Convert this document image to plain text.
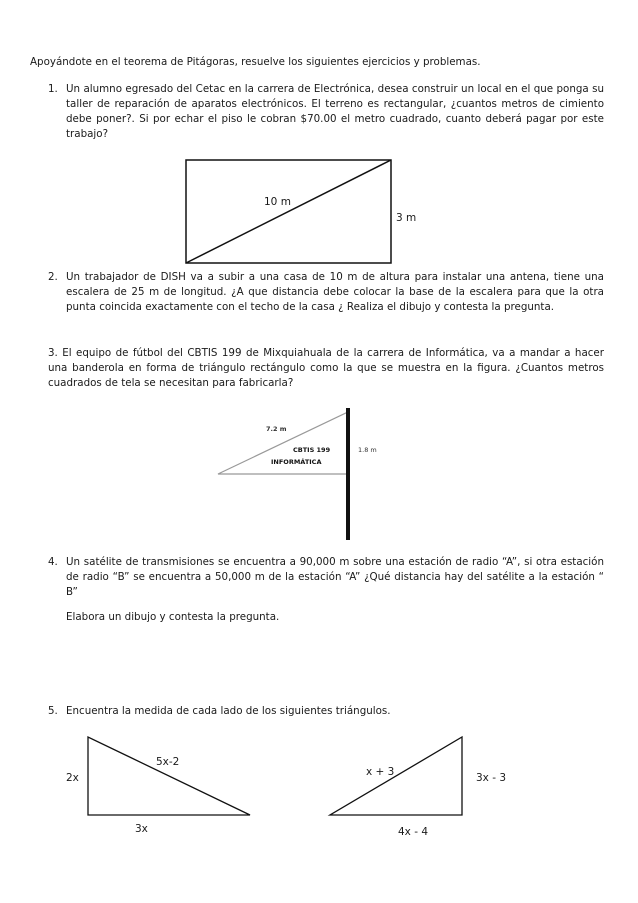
Apoyándote en el teorema de Pitágoras, resuelve los siguientes ejercicios y problemas.

1. Un alumno egresado del Cetac en la carrera de Electrónica, desea construir un local en el que ponga su taller de reparación de aparatos electrónicos. El terreno es rectangular, ¿cuantos metros de cimiento debe poner?. Si por echar el piso le cobran $70.00 el metro cuadrado, cuanto deberá pagar por este trabajo?

10 m
3 m
2. Un trabajador de DISH va a subir a una casa de 10 m de altura para instalar una antena, tiene una escalera de 25 m de longitud. ¿A que distancia debe colocar la base de la escalera para que la otra punta coincida exactamente con el techo de la casa ¿ Realiza el dibujo y contesta la pregunta.

3. El equipo de fútbol del CBTIS 199 de Mixquiahuala de la carrera de Informática, va a mandar a hacer una banderola en forma de triángulo rectángulo como la que se muestra en la figura. ¿Cuantos metros cuadrados de tela se necesitan para fabricarla?

7.2 m
CBTIS 199
INFORMÁTICA
1.8 m
4. Un satélite de transmisiones se encuentra a 90,000 m sobre una estación de radio “A”, si otra estación de radio “B” se encuentra a 50,000 m de la estación “A” ¿Qué distancia hay del satélite a la estación “ B”

Elabora un dibujo y contesta la pregunta.

5. Encuentra la medida de cada lado de los siguientes triángulos.

5x-2
2x
3x
x + 3	3x - 3
4x - 4
